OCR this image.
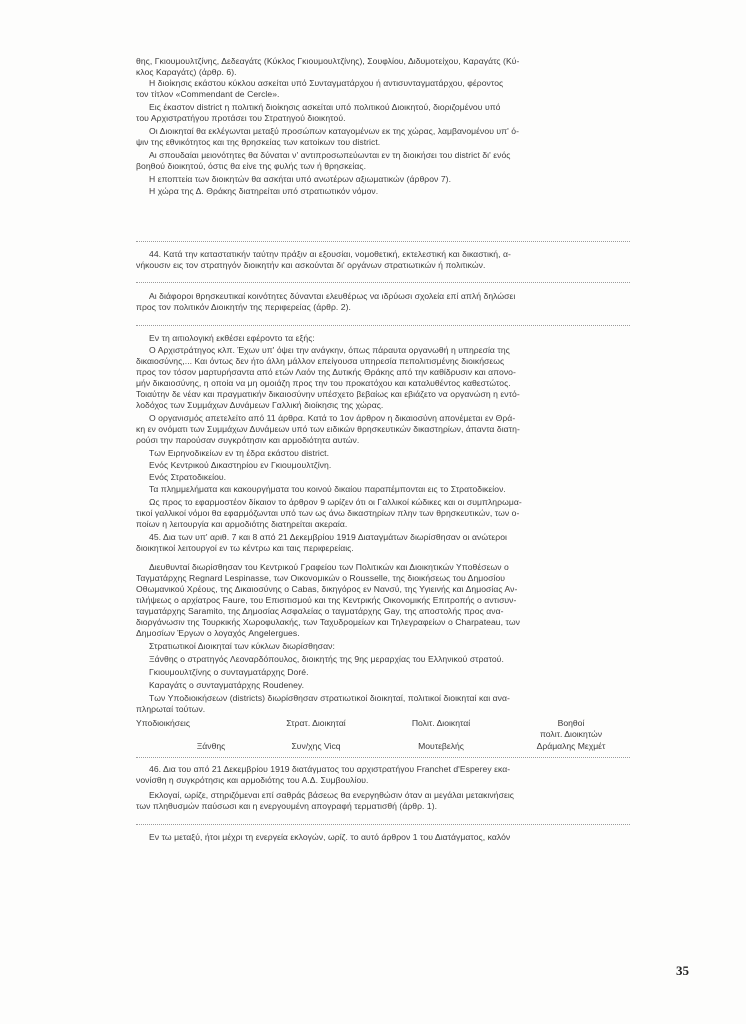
θης, Γκιουμουλτζίνης, Δεδεαγάτς (Κύκλος Γκιουμουλτζίνης), Σουφλίου, Διδυμοτείχου, Καραγάτς (Κύ-
κλος Καραγάτς) (άρθρ. 6).
Η διοίκησις εκάστου κύκλου ασκείται υπό Συνταγματάρχου ή αντισυνταγματάρχου, φέροντος
τον τίτλον «Commendant de Cercle».
Εις έκαστον district η πολιτική διοίκησις ασκείται υπό πολιτικού Διοικητού, διοριζομένου υπό
του Αρχιστρατήγου προτάσει του Στρατηγού διοικητού.
Οι Διοικηταί θα εκλέγωνται μεταξύ προσώπων καταγομένων εκ της χώρας, λαμβανομένου υπ' ό-
ψιν της εθνικότητος και της θρησκείας των κατοίκων του district.
Αι σπουδαίαι μειονότητες θα δύναται ν' αντιπροσωπεύωνται εν τη διοικήσει του district δι' ενός
βοηθού διοικητού, όστις θα είνε της φυλής των ή θρησκείας.
Η εποπτεία των διοικητών θα ασκήται υπό ανωτέρων αξιωματικών (άρθρον 7).
Η χώρα της Δ. Θράκης διατηρείται υπό στρατιωτικόν νόμον.
44. Κατά την καταστατικήν ταύτην πράξιν αι εξουσίαι, νομοθετική, εκτελεστική και δικαστική, α-
νήκουσιν εις τον στρατηγόν διοικητήν και ασκούνται δι' οργάνων στρατιωτικών ή πολιτικών.
Αι διάφοροι θρησκευτικαί κοινότητες δύνανται ελευθέρως να ιδρύωσι σχολεία επί απλή δηλώσει
προς τον πολιτικόν Διοικητήν της περιφερείας (άρθρ. 2).
Εν τη αιτιολογική εκθέσει εφέροντο τα εξής:
Ο Αρχιστράτηγος κλπ. Έχων υπ' όψει την ανάγκην, όπως πάραυτα οργανωθή η υπηρεσία της
δικαιοσύνης,... Και όντως δεν ήτο άλλη μάλλον επείγουσα υπηρεσία πεπολιτισμένης διοικήσεως
προς τον τόσον μαρτυρήσαντα από ετών Λαόν της Δυτικής Θράκης από την καθίδρυσιν και απονο-
μήν δικαιοσύνης, η οποία να μη ομοιάζη προς την του προκατόχου και καταλυθέντος καθεστώτος.
Τοιαύτην δε νέαν και πραγματικήν δικαιοσύνην υπέσχετο βεβαίως και εβιάζετο να οργανώση η εντό-
λοδόχος των Συμμάχων Δυνάμεων Γαλλική διοίκησις της χώρας.
Ο οργανισμός απετελείτο από 11 άρθρα. Κατά το 1ον άρθρον η δικαιοσύνη απονέμεται εν Θρά-
κη εν ονόματι των Συμμάχων Δυνάμεων υπό των ειδικών θρησκευτικών δικαστηρίων, άπαντα διατη-
ρούσι την παρούσαν συγκρότησιν και αρμοδιότητα αυτών.
Των Ειρηνοδικείων εν τη έδρα εκάστου district.
Ενός Κεντρικού Δικαστηρίου εν Γκιουμουλτζίνη.
Ενός Στρατοδικείου.
Τα πλημμελήματα και κακουργήματα του κοινού δικαίου παραπέμπονται εις το Στρατοδικείον.
Ως προς το εφαρμοστέον δίκαιον το άρθρον 9 ωρίζεν ότι οι Γαλλικοί κώδικες και οι συμπληρωμα-
τικοί γαλλικοί νόμοι θα εφαρμόζωνται υπό των ως άνω δικαστηρίων πλην των θρησκευτικών, των ο-
ποίων η λειτουργία και αρμοδιότης διατηρείται ακεραία.
45. Δια των υπ' αριθ. 7 και 8 από 21 Δεκεμβρίου 1919 Διαταγμάτων διωρίσθησαν οι ανώτεροι
διοικητικοί λειτουργοί εν τω κέντρω και ταις περιφερείαις.
Διευθυνταί διωρίσθησαν του Κεντρικού Γραφείου των Πολιτικών και Διοικητικών Υποθέσεων ο
Ταγματάρχης Regnard Lespinasse, των Οικονομικών ο Rousselle, της διοικήσεως του Δημοσίου
Οθωμανικού Χρέους, της Δικαιοσύνης ο Cabas, δικηγόρος εν Νανσύ, της Υγιεινής και Δημοσίας Αν-
τιλήψεως ο αρχίατρος Faure, του Επισιτισμού και της Κεντρικής Οικονομικής Επιτροπής ο αντισυν-
ταγματάρχης Saramito, της Δημοσίας Ασφαλείας ο ταγματάρχης Gay, της αποστολής προς ανα-
διοργάνωσιν της Τουρκικής Χωροφυλακής, των Ταχυδρομείων και Τηλεγραφείων ο Charpateau, των
Δημοσίων Έργων ο λογαχός Angelergues.
Στρατιωτικοί Διοικηταί των κύκλων διωρίσθησαν:
Ξάνθης ο στρατηγός Λεοναρδόπουλος, διοικητής της 9ης μεραρχίας του Ελληνικού στρατού.
Γκιουμουλτζίνης ο συνταγματάρχης Doré.
Καραγάτς ο συνταγματάρχης Roudeney.
Των Υποδιοικήσεων (districts) διωρίσθησαν στρατιωτικοί διοικηταί, πολιτικοί διοικηταί και ανα-
πληρωταί τούτων.
Υποδιοικήσεις	Στρατ. Διοικηταί	Πολιτ. Διοικηταί	Βοηθοί
πολιτ. Διοικητών
Ξάνθης	Συν/χης Vicq	Μουτεβελής	Δράμαλης Μεχμέτ
46. Δια του από 21 Δεκεμβρίου 1919 διατάγματος του αρχιστρατήγου Franchet d'Esperey εκα-
νονίσθη η συγκρότησις και αρμοδιότης του Α.Δ. Συμβουλίου.
Εκλογαί, ωρίζε, στηριζόμεναι επί σαθράς βάσεως θα ενεργηθώσιν όταν αι μεγάλαι μετακινήσεις
των πληθυσμών παύσωσι και η ενεργουμένη απογραφή τερματισθή (άρθρ. 1).
Εν τω μεταξύ, ήτοι μέχρι τη ενεργεία εκλογών, ωρίζ. το αυτό άρθρον 1 του Διατάγματος, καλόν
35
